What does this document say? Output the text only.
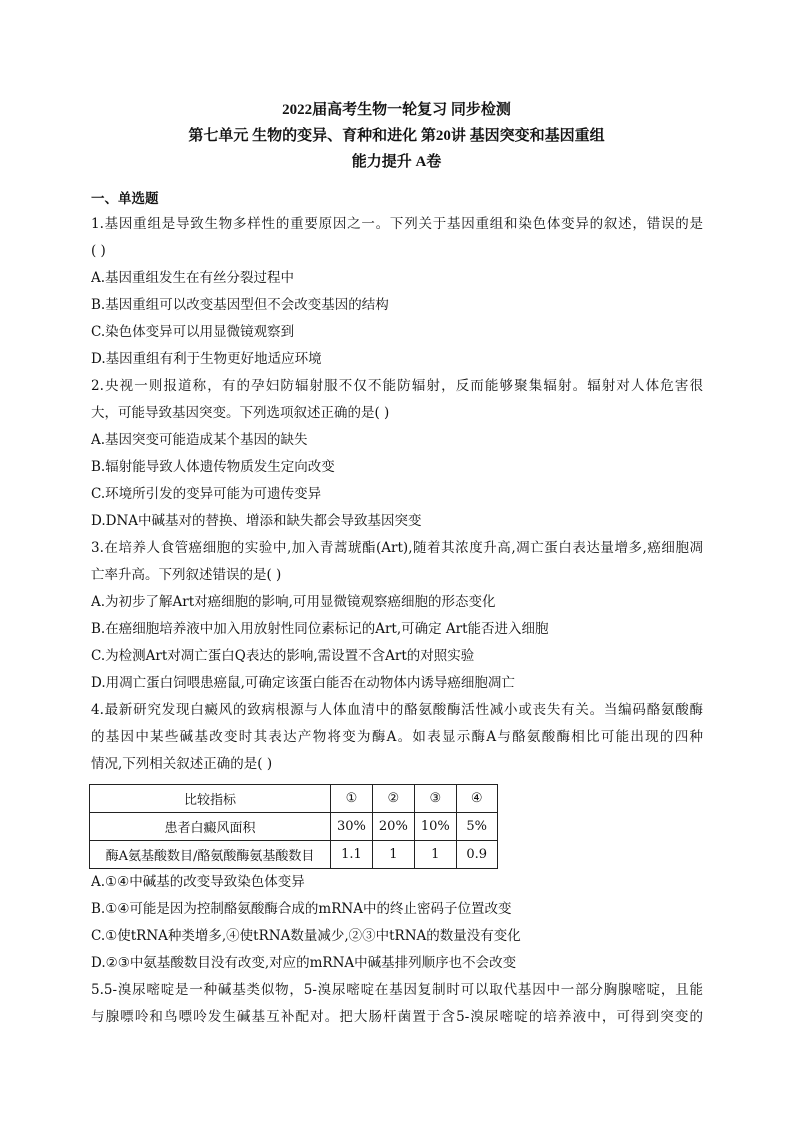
2022届高考生物一轮复习 同步检测
第七单元 生物的变异、育种和进化 第20讲 基因突变和基因重组
能力提升 A卷
一、单选题
1.基因重组是导致生物多样性的重要原因之一。下列关于基因重组和染色体变异的叙述，错误的是
( )
A.基因重组发生在有丝分裂过程中
B.基因重组可以改变基因型但不会改变基因的结构
C.染色体变异可以用显微镜观察到
D.基因重组有利于生物更好地适应环境
2.央视一则报道称，有的孕妇防辐射服不仅不能防辐射，反而能够聚集辐射。辐射对人体危害很
大，可能导致基因突变。下列选项叙述正确的是( )
A.基因突变可能造成某个基因的缺失
B.辐射能导致人体遗传物质发生定向改变
C.环境所引发的变异可能为可遗传变异
D.DNA中碱基对的替换、增添和缺失都会导致基因突变
3.在培养人食管癌细胞的实验中,加入青蒿琥酯(Art),随着其浓度升高,凋亡蛋白表达量增多,癌细胞凋
亡率升高。下列叙述错误的是( )
A.为初步了解Art对癌细胞的影响,可用显微镜观察癌细胞的形态变化
B.在癌细胞培养液中加入用放射性同位素标记的Art,可确定 Art能否进入细胞
C.为检测Art对凋亡蛋白Q表达的影响,需设置不含Art的对照实验
D.用凋亡蛋白饲喂患癌鼠,可确定该蛋白能否在动物体内诱导癌细胞凋亡
4.最新研究发现白癜风的致病根源与人体血清中的酪氨酸酶活性减小或丧失有关。当编码酪氨酸酶
的基因中某些碱基改变时其表达产物将变为酶A。如表显示酶A与酪氨酸酶相比可能出现的四种
情况,下列相关叙述正确的是( )
比较指标	①	②	③	④
患者白癜风面积	30%	20%	10%	5%
酶A氨基酸数目/酪氨酸酶氨基酸数目	1.1	1	1	0.9
A.①④中碱基的改变导致染色体变异
B.①④可能是因为控制酪氨酸酶合成的mRNA中的终止密码子位置改变
C.①使tRNA种类增多,④使tRNA数量减少,②③中tRNA的数量没有变化
D.②③中氨基酸数目没有改变,对应的mRNA中碱基排列顺序也不会改变
5.5-溴尿嘧啶是一种碱基类似物，5-溴尿嘧啶在基因复制时可以取代基因中一部分胸腺嘧啶，且能
与腺嘌呤和鸟嘌呤发生碱基互补配对。把大肠杆菌置于含5-溴尿嘧啶的培养液中，可得到突变的
